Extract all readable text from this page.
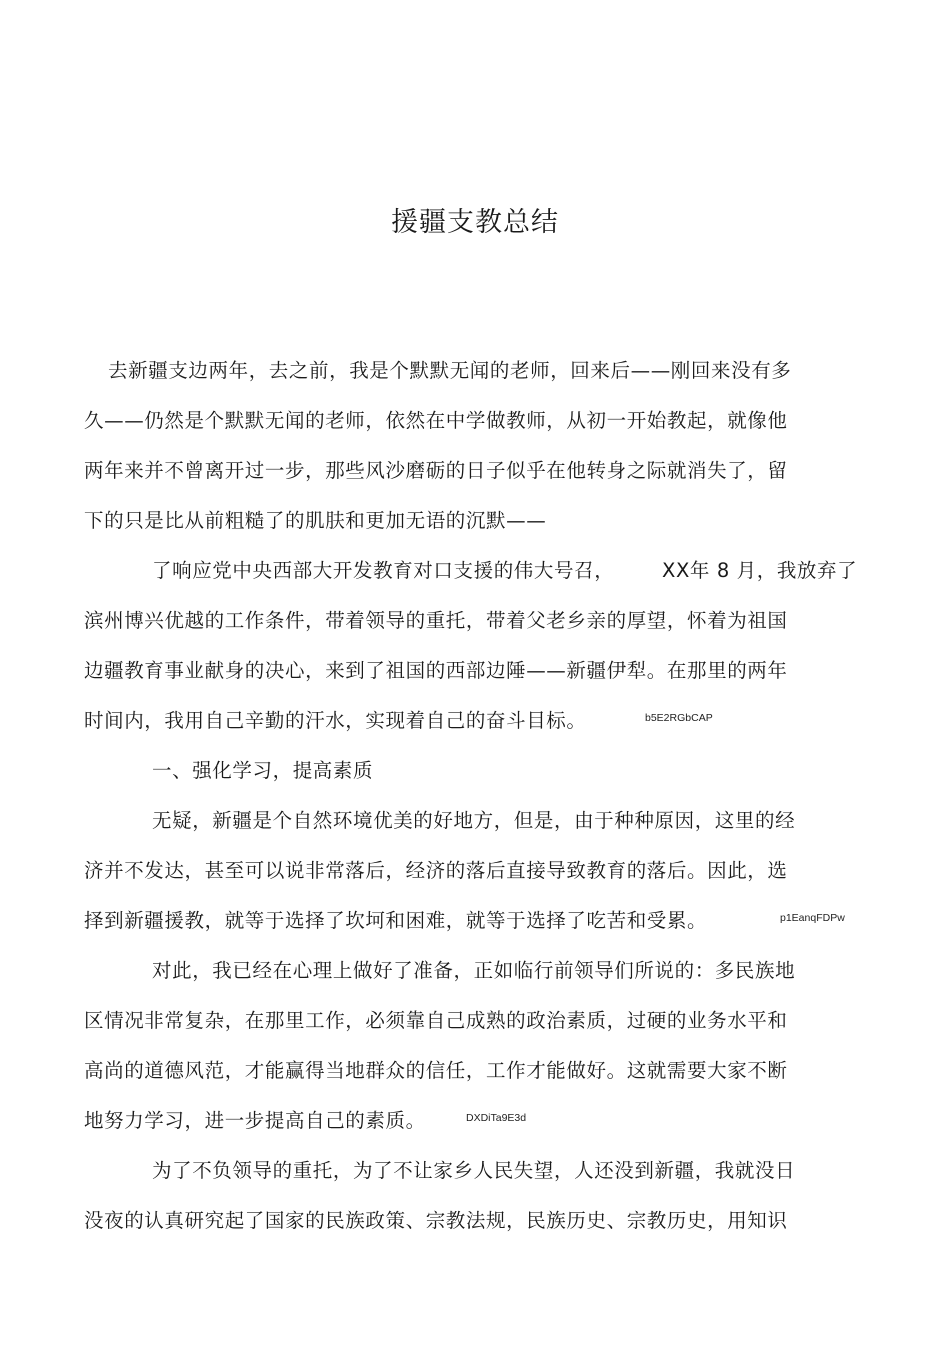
援疆支教总结
去新疆支边两年，去之前，我是个默默无闻的老师，回来后——刚回来没有多
久——仍然是个默默无闻的老师，依然在中学做教师，从初一开始教起，就像他
两年来并不曾离开过一步，那些风沙磨砺的日子似乎在他转身之际就消失了，留
下的只是比从前粗糙了的肌肤和更加无语的沉默——
了响应党中央西部大开发教育对口支援的伟大号召， XX年 8 月，我放弃了
滨州博兴优越的工作条件，带着领导的重托，带着父老乡亲的厚望，怀着为祖国
边疆教育事业献身的决心，来到了祖国的西部边陲——新疆伊犁。在那里的两年
时间内，我用自己辛勤的汗水，实现着自己的奋斗目标。	b5E2RGbCAP
一、强化学习，提高素质
无疑，新疆是个自然环境优美的好地方，但是，由于种种原因，这里的经
济并不发达，甚至可以说非常落后，经济的落后直接导致教育的落后。因此，选
择到新疆援教，就等于选择了坎坷和困难，就等于选择了吃苦和受累。	p1EanqFDPw
对此，我已经在心理上做好了准备，正如临行前领导们所说的：多民族地
区情况非常复杂，在那里工作，必须靠自己成熟的政治素质，过硬的业务水平和
高尚的道德风范，才能赢得当地群众的信任，工作才能做好。这就需要大家不断
地努力学习，进一步提高自己的素质。	DXDiTa9E3d
为了不负领导的重托，为了不让家乡人民失望，人还没到新疆，我就没日
没夜的认真研究起了国家的民族政策、宗教法规，民族历史、宗教历史，用知识
